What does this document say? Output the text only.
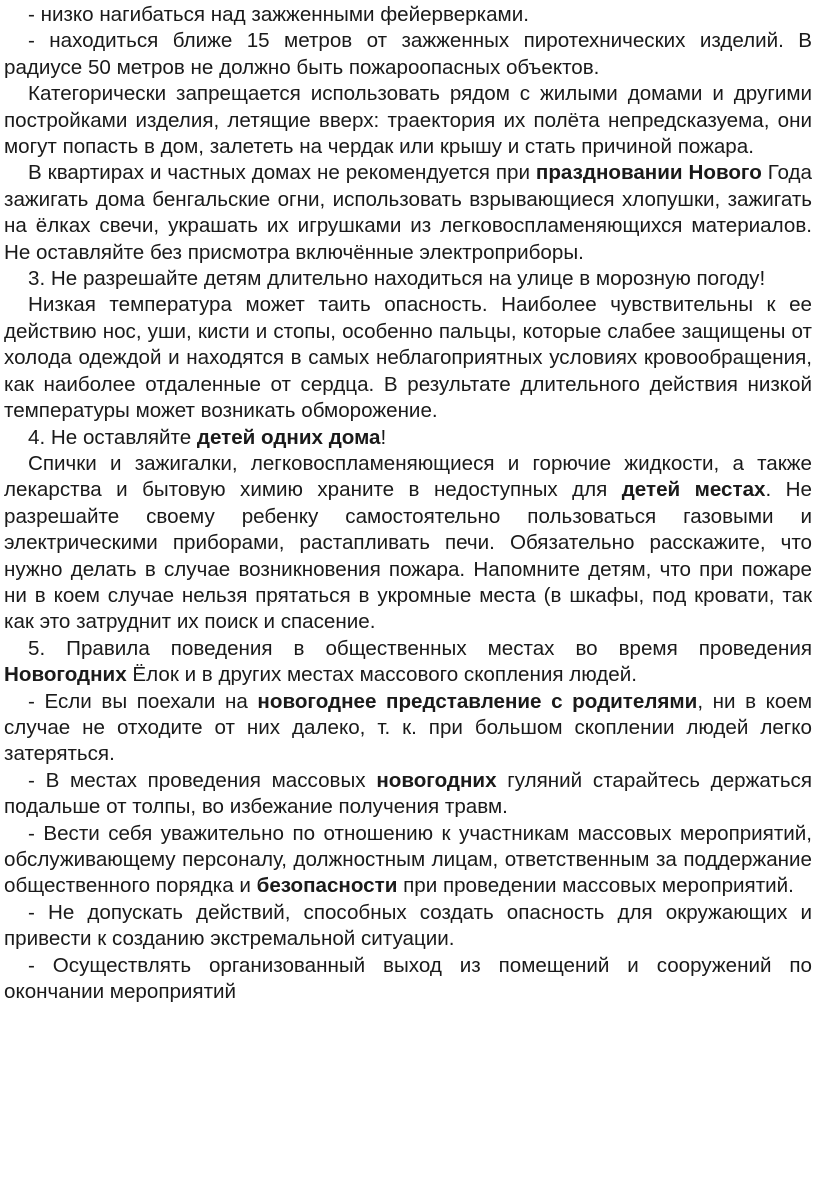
- низко нагибаться над зажженными фейерверками.

- находиться ближе 15 метров от зажженных пиротехнических изделий. В радиусе 50 метров не должно быть пожароопасных объектов.

Категорически запрещается использовать рядом с жилыми домами и другими постройками изделия, летящие вверх: траектория их полёта непредсказуема, они могут попасть в дом, залететь на чердак или крышу и стать причиной пожара.

В квартирах и частных домах не рекомендуется при праздновании Нового Года зажигать дома бенгальские огни, использовать взрывающиеся хлопушки, зажигать на ёлках свечи, украшать их игрушками из легковоспламеняющихся материалов. Не оставляйте без присмотра включённые электроприборы.

3. Не разрешайте детям длительно находиться на улице в морозную погоду!

Низкая температура может таить опасность. Наиболее чувствительны к ее действию нос, уши, кисти и стопы, особенно пальцы, которые слабее защищены от холода одеждой и находятся в самых неблагоприятных условиях кровообращения, как наиболее отдаленные от сердца. В результате длительного действия низкой температуры может возникать обморожение.

4. Не оставляйте детей одних дома!

Спички и зажигалки, легковоспламеняющиеся и горючие жидкости, а также лекарства и бытовую химию храните в недоступных для детей местах. Не разрешайте своему ребенку самостоятельно пользоваться газовыми и электрическими приборами, растапливать печи. Обязательно расскажите, что нужно делать в случае возникновения пожара. Напомните детям, что при пожаре ни в коем случае нельзя прятаться в укромные места (в шкафы, под кровати, так как это затруднит их поиск и спасение.

5. Правила поведения в общественных местах во время проведения Новогодних Ёлок и в других местах массового скопления людей.

- Если вы поехали на новогоднее представление с родителями, ни в коем случае не отходите от них далеко, т. к. при большом скоплении людей легко затеряться.

- В местах проведения массовых новогодних гуляний старайтесь держаться подальше от толпы, во избежание получения травм.

- Вести себя уважительно по отношению к участникам массовых мероприятий, обслуживающему персоналу, должностным лицам, ответственным за поддержание общественного порядка и безопасности при проведении массовых мероприятий.

- Не допускать действий, способных создать опасность для окружающих и привести к созданию экстремальной ситуации.

- Осуществлять организованный выход из помещений и сооружений по окончании мероприятий
